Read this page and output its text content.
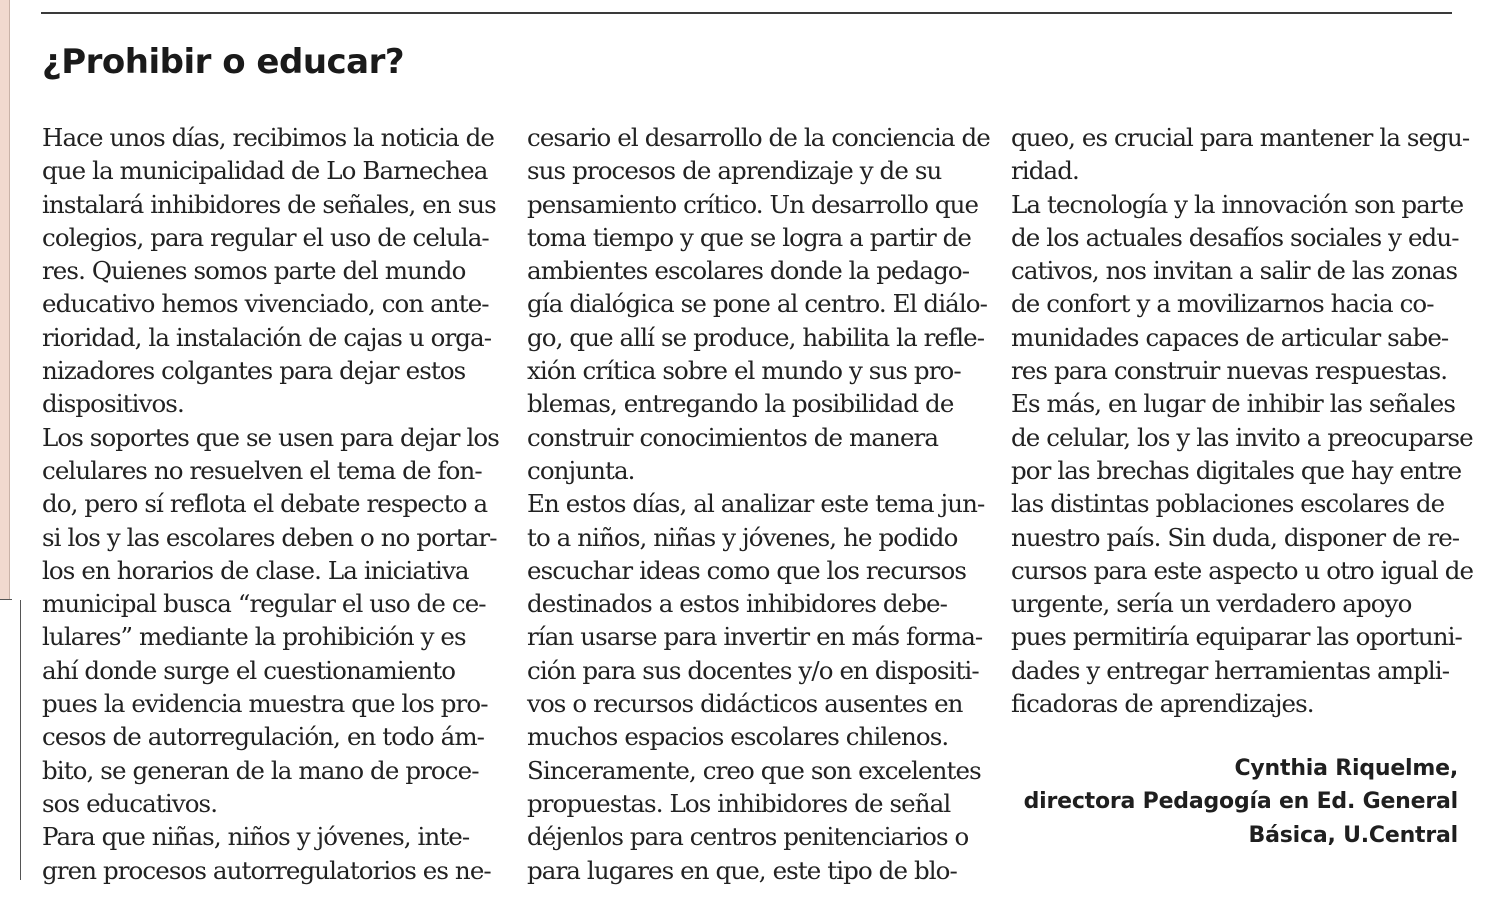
¿Prohibir o educar?
Hace unos días, recibimos la noticia de
que la municipalidad de Lo Barnechea
instalará inhibidores de señales, en sus
colegios, para regular el uso de celula-
res. Quienes somos parte del mundo
educativo hemos vivenciado, con ante-
rioridad, la instalación de cajas u orga-
nizadores colgantes para dejar estos
dispositivos.
Los soportes que se usen para dejar los
celulares no resuelven el tema de fon-
do, pero sí reflota el debate respecto a
si los y las escolares deben o no portar-
los en horarios de clase. La iniciativa
municipal busca “regular el uso de ce-
lulares” mediante la prohibición y es
ahí donde surge el cuestionamiento
pues la evidencia muestra que los pro-
cesos de autorregulación, en todo ám-
bito, se generan de la mano de proce-
sos educativos.
Para que niñas, niños y jóvenes, inte-
gren procesos autorregulatorios es ne-
cesario el desarrollo de la conciencia de
sus procesos de aprendizaje y de su
pensamiento crítico. Un desarrollo que
toma tiempo y que se logra a partir de
ambientes escolares donde la pedago-
gía dialógica se pone al centro. El diálo-
go, que allí se produce, habilita la refle-
xión crítica sobre el mundo y sus pro-
blemas, entregando la posibilidad de
construir conocimientos de manera
conjunta.
En estos días, al analizar este tema jun-
to a niños, niñas y jóvenes, he podido
escuchar ideas como que los recursos
destinados a estos inhibidores debe-
rían usarse para invertir en más forma-
ción para sus docentes y/o en dispositi-
vos o recursos didácticos ausentes en
muchos espacios escolares chilenos.
Sinceramente, creo que son excelentes
propuestas. Los inhibidores de señal
déjenlos para centros penitenciarios o
para lugares en que, este tipo de blo-
queo, es crucial para mantener la segu-
ridad.
La tecnología y la innovación son parte
de los actuales desafíos sociales y edu-
cativos, nos invitan a salir de las zonas
de confort y a movilizarnos hacia co-
munidades capaces de articular sabe-
res para construir nuevas respuestas.
Es más, en lugar de inhibir las señales
de celular, los y las invito a preocuparse
por las brechas digitales que hay entre
las distintas poblaciones escolares de
nuestro país. Sin duda, disponer de re-
cursos para este aspecto u otro igual de
urgente, sería un verdadero apoyo
pues permitiría equiparar las oportuni-
dades y entregar herramientas ampli-
ficadoras de aprendizajes.
Cynthia Riquelme,
directora Pedagogía en Ed. General
Básica, U.Central
